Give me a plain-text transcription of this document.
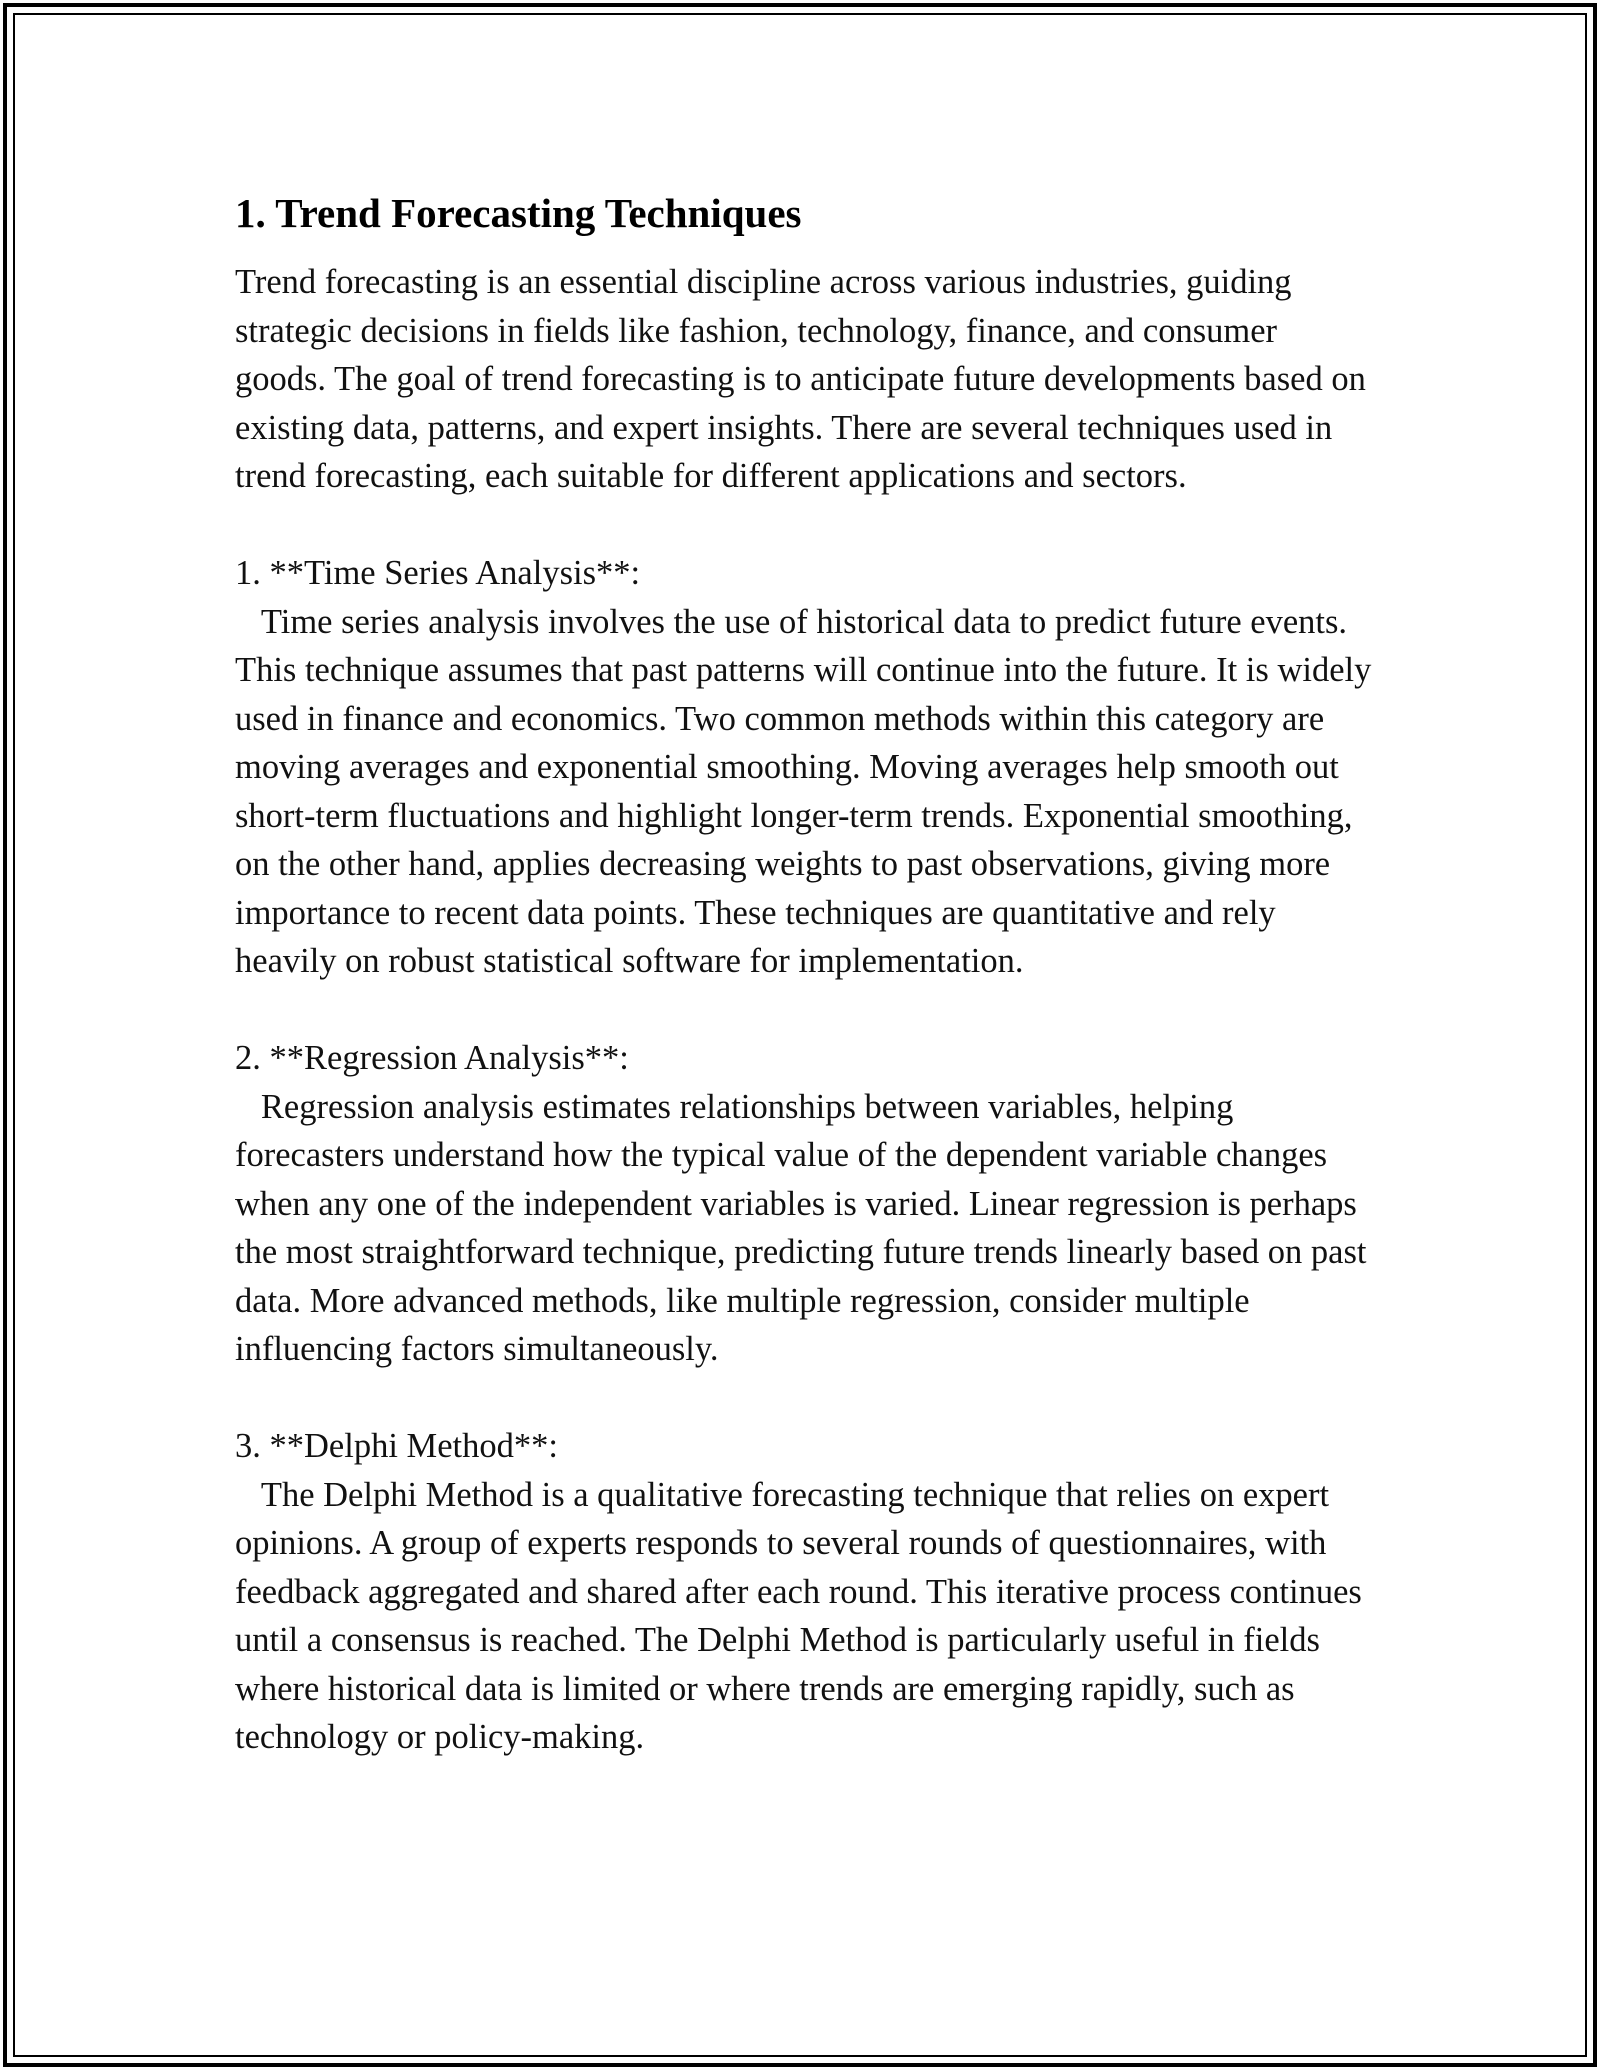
1. Trend Forecasting Techniques

Trend forecasting is an essential discipline across various industries, guiding strategic decisions in fields like fashion, technology, finance, and consumer goods. The goal of trend forecasting is to anticipate future developments based on existing data, patterns, and expert insights. There are several techniques used in trend forecasting, each suitable for different applications and sectors.

1. **Time Series Analysis**:

Time series analysis involves the use of historical data to predict future events. This technique assumes that past patterns will continue into the future. It is widely used in finance and economics. Two common methods within this category are moving averages and exponential smoothing. Moving averages help smooth out short-term fluctuations and highlight longer-term trends. Exponential smoothing, on the other hand, applies decreasing weights to past observations, giving more importance to recent data points. These techniques are quantitative and rely heavily on robust statistical software for implementation.

2. **Regression Analysis**:

Regression analysis estimates relationships between variables, helping forecasters understand how the typical value of the dependent variable changes when any one of the independent variables is varied. Linear regression is perhaps the most straightforward technique, predicting future trends linearly based on past data. More advanced methods, like multiple regression, consider multiple influencing factors simultaneously.

3. **Delphi Method**:

The Delphi Method is a qualitative forecasting technique that relies on expert opinions. A group of experts responds to several rounds of questionnaires, with feedback aggregated and shared after each round. This iterative process continues until a consensus is reached. The Delphi Method is particularly useful in fields where historical data is limited or where trends are emerging rapidly, such as technology or policy-making.
